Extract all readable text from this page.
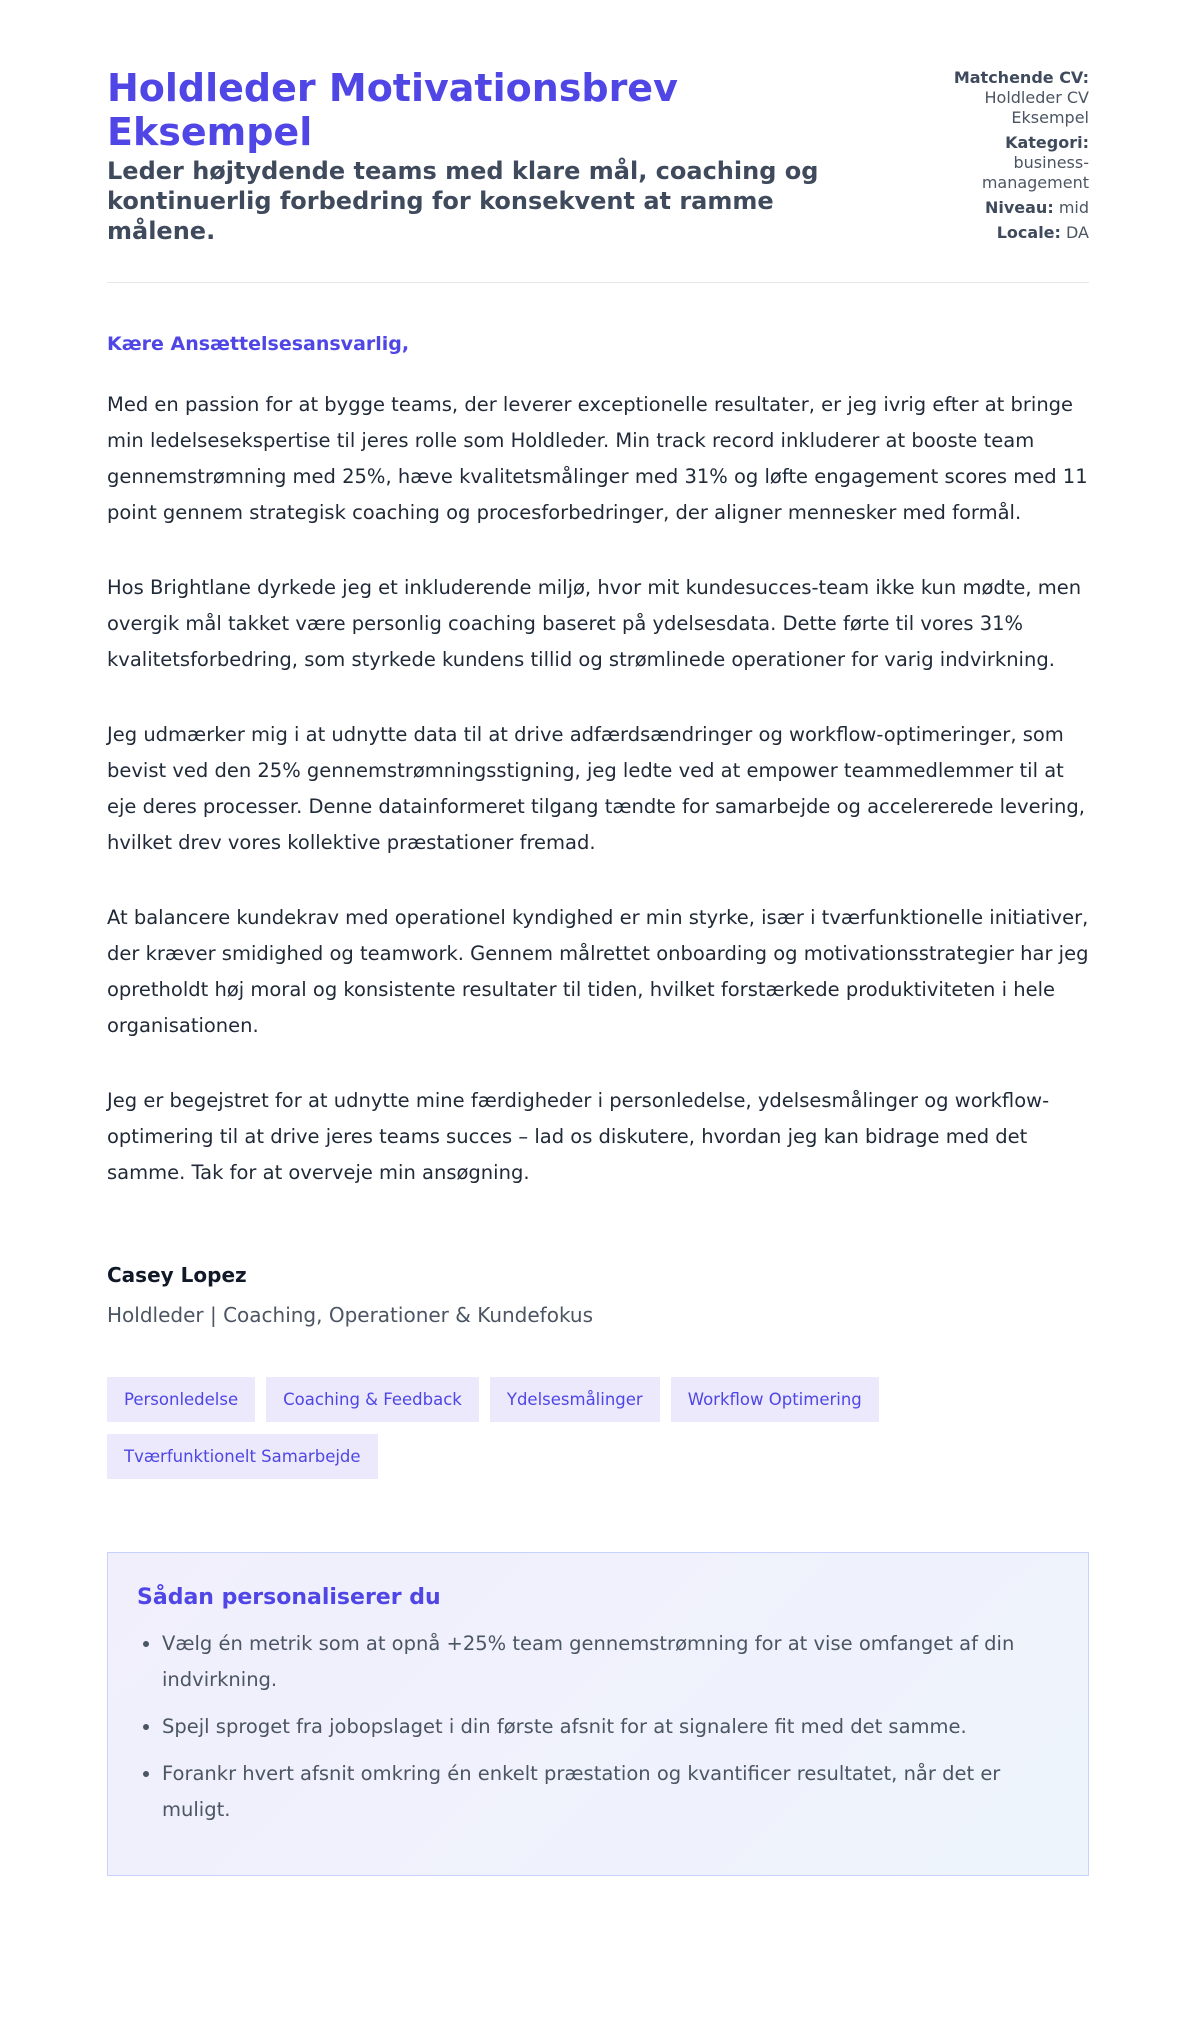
Holdleder Motivationsbrev Eksempel
Leder højtydende teams med klare mål, coaching og kontinuerlig forbedring for konsekvent at ramme målene.
Matchende CV:
Holdleder CV Eksempel
Kategori:
business-management
Niveau: mid
Locale: DA
Kære Ansættelsesansvarlig,

Med en passion for at bygge teams, der leverer exceptionelle resultater, er jeg ivrig efter at bringe min ledelsesekspertise til jeres rolle som Holdleder. Min track record inkluderer at booste team gennemstrømning med 25%, hæve kvalitetsmålinger med 31% og løfte engagement scores med 11 point gennem strategisk coaching og procesforbedringer, der aligner mennesker med formål.

Hos Brightlane dyrkede jeg et inkluderende miljø, hvor mit kundesucces-team ikke kun mødte, men overgik mål takket være personlig coaching baseret på ydelsesdata. Dette førte til vores 31% kvalitetsforbedring, som styrkede kundens tillid og strømlinede operationer for varig indvirkning.

Jeg udmærker mig i at udnytte data til at drive adfærdsændringer og workflow-optimeringer, som bevist ved den 25% gennemstrømningsstigning, jeg ledte ved at empower teammedlemmer til at eje deres processer. Denne datainformeret tilgang tændte for samarbejde og accelererede levering, hvilket drev vores kollektive præstationer fremad.

At balancere kundekrav med operationel kyndighed er min styrke, især i tværfunktionelle initiativer, der kræver smidighed og teamwork. Gennem målrettet onboarding og motivationsstrategier har jeg opretholdt høj moral og konsistente resultater til tiden, hvilket forstærkede produktiviteten i hele organisationen.

Jeg er begejstret for at udnytte mine færdigheder i personledelse, ydelsesmålinger og workflow-optimering til at drive jeres teams succes – lad os diskutere, hvordan jeg kan bidrage med det samme. Tak for at overveje min ansøgning.

Casey Lopez
Holdleder | Coaching, Operationer & Kundefokus
Personledelse	Coaching & Feedback	Ydelsesmålinger	Workflow Optimering
Tværfunktionelt Samarbejde
Sådan personaliserer du
• Vælg én metrik som at opnå +25% team gennemstrømning for at vise omfanget af din indvirkning.
• Spejl sproget fra jobopslaget i din første afsnit for at signalere fit med det samme.
• Forankr hvert afsnit omkring én enkelt præstation og kvantificer resultatet, når det er muligt.
